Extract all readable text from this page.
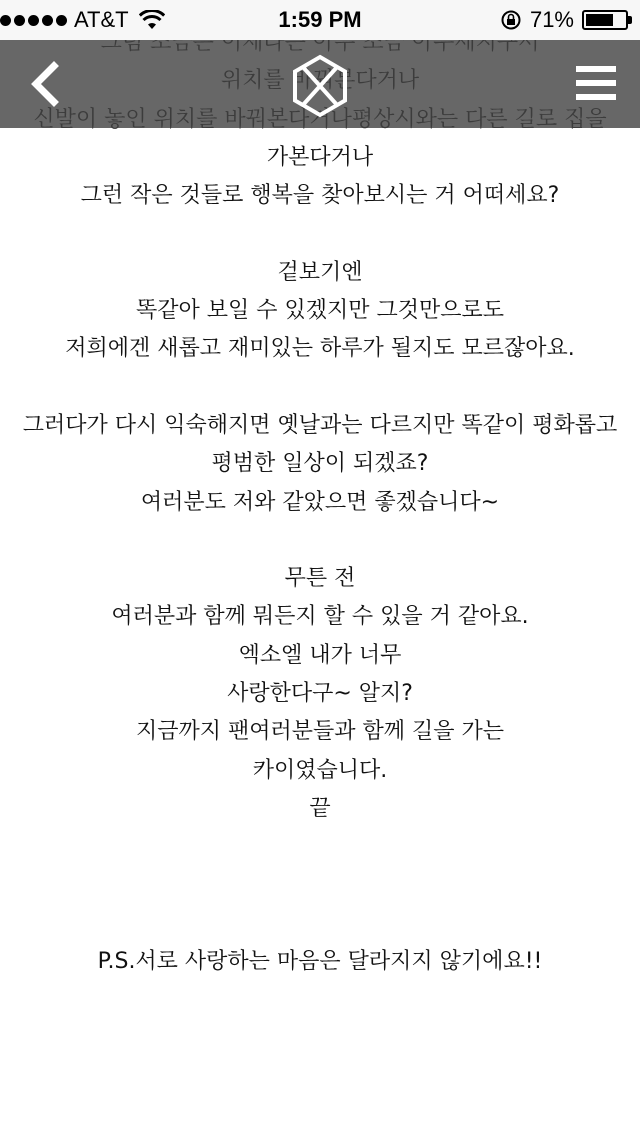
AT&T	1:59 PM	71%
가본다거나
그런 작은 것들로 행복을 찾아보시는 거 어떠세요?
겉보기엔
똑같아 보일 수 있겠지만 그것만으로도
저희에겐 새롭고 재미있는 하루가 될지도 모르잖아요.
그러다가 다시 익숙해지면 옛날과는 다르지만 똑같이 평화롭고
평범한 일상이 되겠죠?
여러분도 저와 같았으면 좋겠습니다~
무튼 전
여러분과 함께 뭐든지 할 수 있을 거 같아요.
엑소엘 내가 너무
사랑한다구~ 알지?
지금까지 팬여러분들과 함께 길을 가는
카이였습니다.
끝
P.S.서로 사랑하는 마음은 달라지지 않기에요!!
